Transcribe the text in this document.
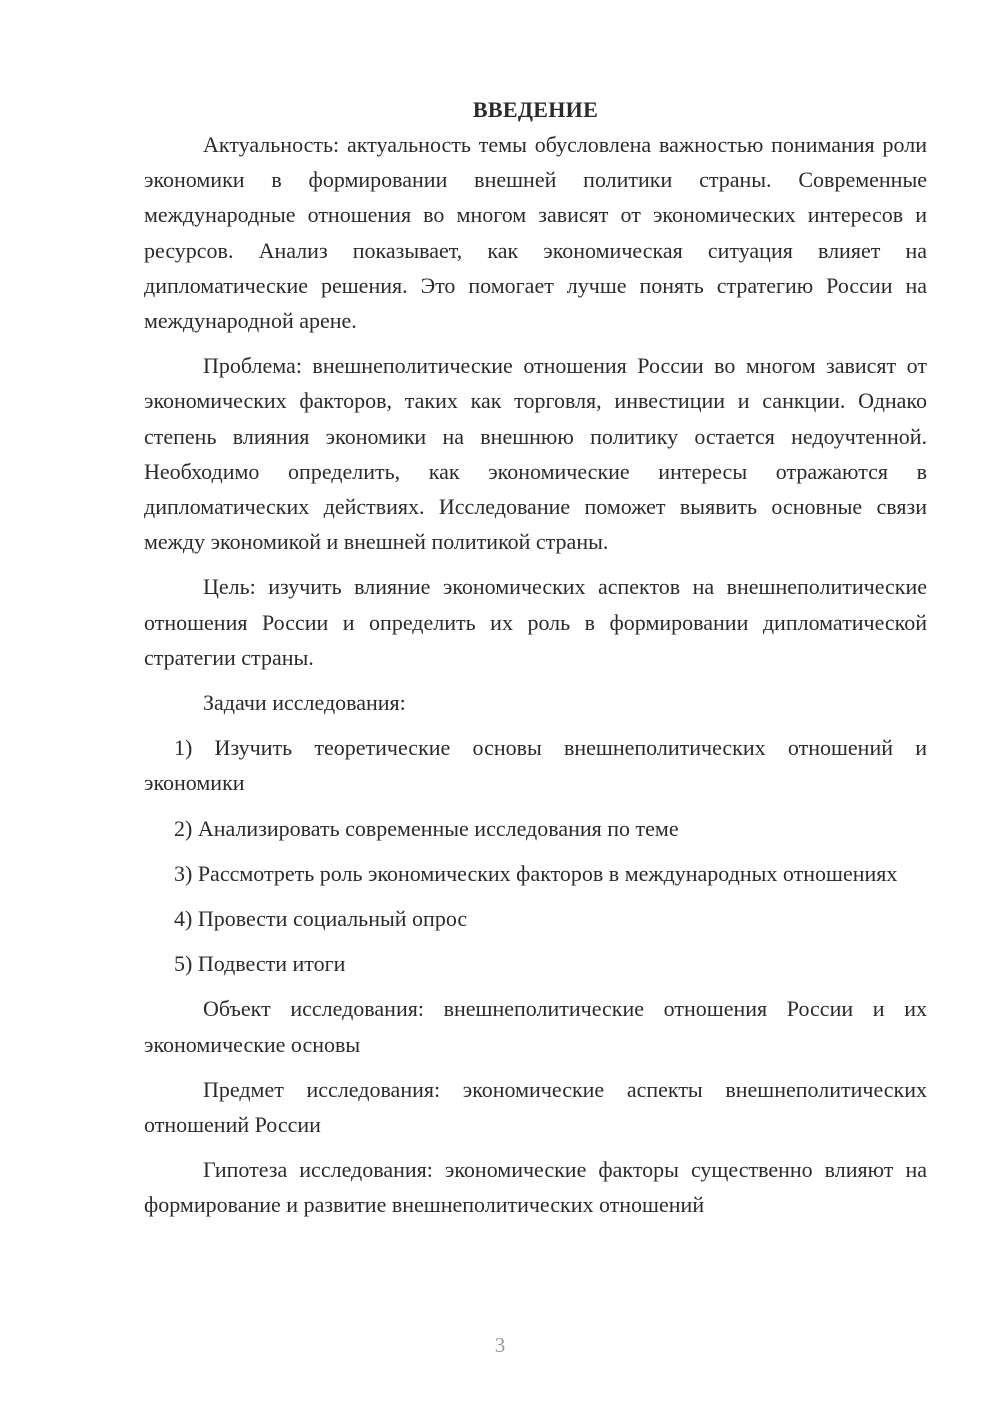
ВВЕДЕНИЕ

Актуальность: актуальность темы обусловлена важностью понимания роли экономики в формировании внешней политики страны. Современные международные отношения во многом зависят от экономических интересов и ресурсов. Анализ показывает, как экономическая ситуация влияет на дипломатические решения. Это помогает лучше понять стратегию России на международной арене.

Проблема: внешнеполитические отношения России во многом зависят от экономических факторов, таких как торговля, инвестиции и санкции. Однако степень влияния экономики на внешнюю политику остается недоучтенной. Необходимо определить, как экономические интересы отражаются в дипломатических действиях. Исследование поможет выявить основные связи между экономикой и внешней политикой страны.

Цель: изучить влияние экономических аспектов на внешнеполитические отношения России и определить их роль в формировании дипломатической стратегии страны.

Задачи исследования:

1) Изучить теоретические основы внешнеполитических отношений и экономики

2) Анализировать современные исследования по теме

3) Рассмотреть роль экономических факторов в международных отношениях

4) Провести социальный опрос

5) Подвести итоги

Объект исследования: внешнеполитические отношения России и их экономические основы

Предмет исследования: экономические аспекты внешнеполитических отношений России

Гипотеза исследования: экономические факторы существенно влияют на формирование и развитие внешнеполитических отношений

3
